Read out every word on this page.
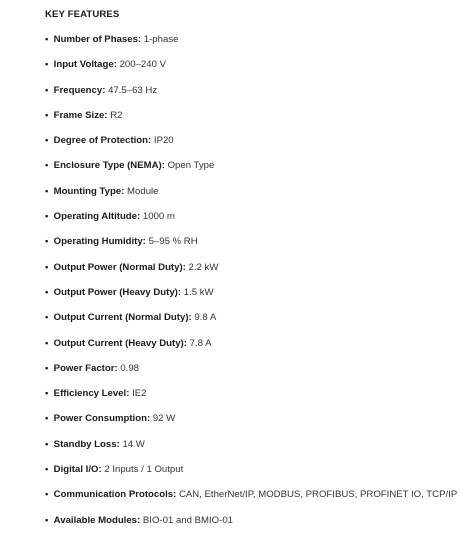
KEY FEATURES
• Number of Phases: 1-phase
• Input Voltage: 200–240 V
• Frequency: 47.5–63 Hz
• Frame Size: R2
• Degree of Protection: IP20
• Enclosure Type (NEMA): Open Type
• Mounting Type: Module
• Operating Altitude: 1000 m
• Operating Humidity: 5–95 % RH
• Output Power (Normal Duty): 2.2 kW
• Output Power (Heavy Duty): 1.5 kW
• Output Current (Normal Duty): 9.8 A
• Output Current (Heavy Duty): 7.8 A
• Power Factor: 0.98
• Efficiency Level: IE2
• Power Consumption: 92 W
• Standby Loss: 14 W
• Digital I/O: 2 Inputs / 1 Output
• Communication Protocols: CAN, EtherNet/IP, MODBUS, PROFIBUS, PROFINET IO, TCP/IP
• Available Modules: BIO-01 and BMIO-01
